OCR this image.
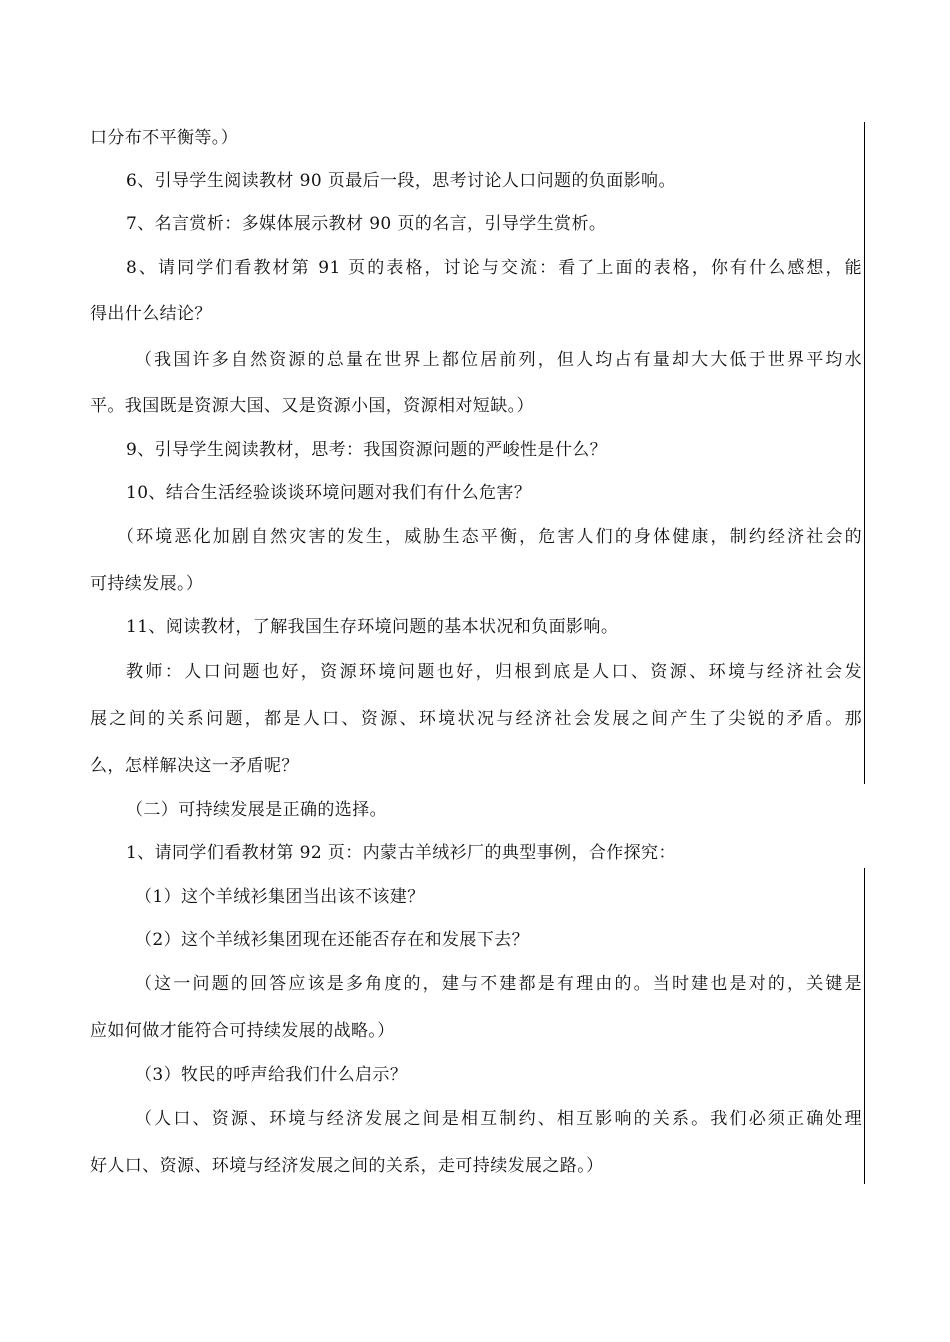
口分布不平衡等。）
6、引导学生阅读教材 90 页最后一段，思考讨论人口问题的负面影响。
7、名言赏析：多媒体展示教材 90 页的名言，引导学生赏析。
8、请同学们看教材第 91 页的表格，讨论与交流：看了上面的表格，你有什么感想，能
得出什么结论？
（我国许多自然资源的总量在世界上都位居前列，但人均占有量却大大低于世界平均水
平。我国既是资源大国、又是资源小国，资源相对短缺。）
9、引导学生阅读教材，思考：我国资源问题的严峻性是什么？
10、结合生活经验谈谈环境问题对我们有什么危害？
（环境恶化加剧自然灾害的发生，威胁生态平衡，危害人们的身体健康，制约经济社会的
可持续发展。）
11、阅读教材，了解我国生存环境问题的基本状况和负面影响。
教师：人口问题也好，资源环境问题也好，归根到底是人口、资源、环境与经济社会发
展之间的关系问题，都是人口、资源、环境状况与经济社会发展之间产生了尖锐的矛盾。那
么，怎样解决这一矛盾呢？
（二）可持续发展是正确的选择。
1、请同学们看教材第 92 页：内蒙古羊绒衫厂的典型事例，合作探究：
（1）这个羊绒衫集团当出该不该建？
（2）这个羊绒衫集团现在还能否存在和发展下去？
（这一问题的回答应该是多角度的，建与不建都是有理由的。当时建也是对的，关键是
应如何做才能符合可持续发展的战略。）
（3）牧民的呼声给我们什么启示？
（人口、资源、环境与经济发展之间是相互制约、相互影响的关系。我们必须正确处理
好人口、资源、环境与经济发展之间的关系，走可持续发展之路。）
